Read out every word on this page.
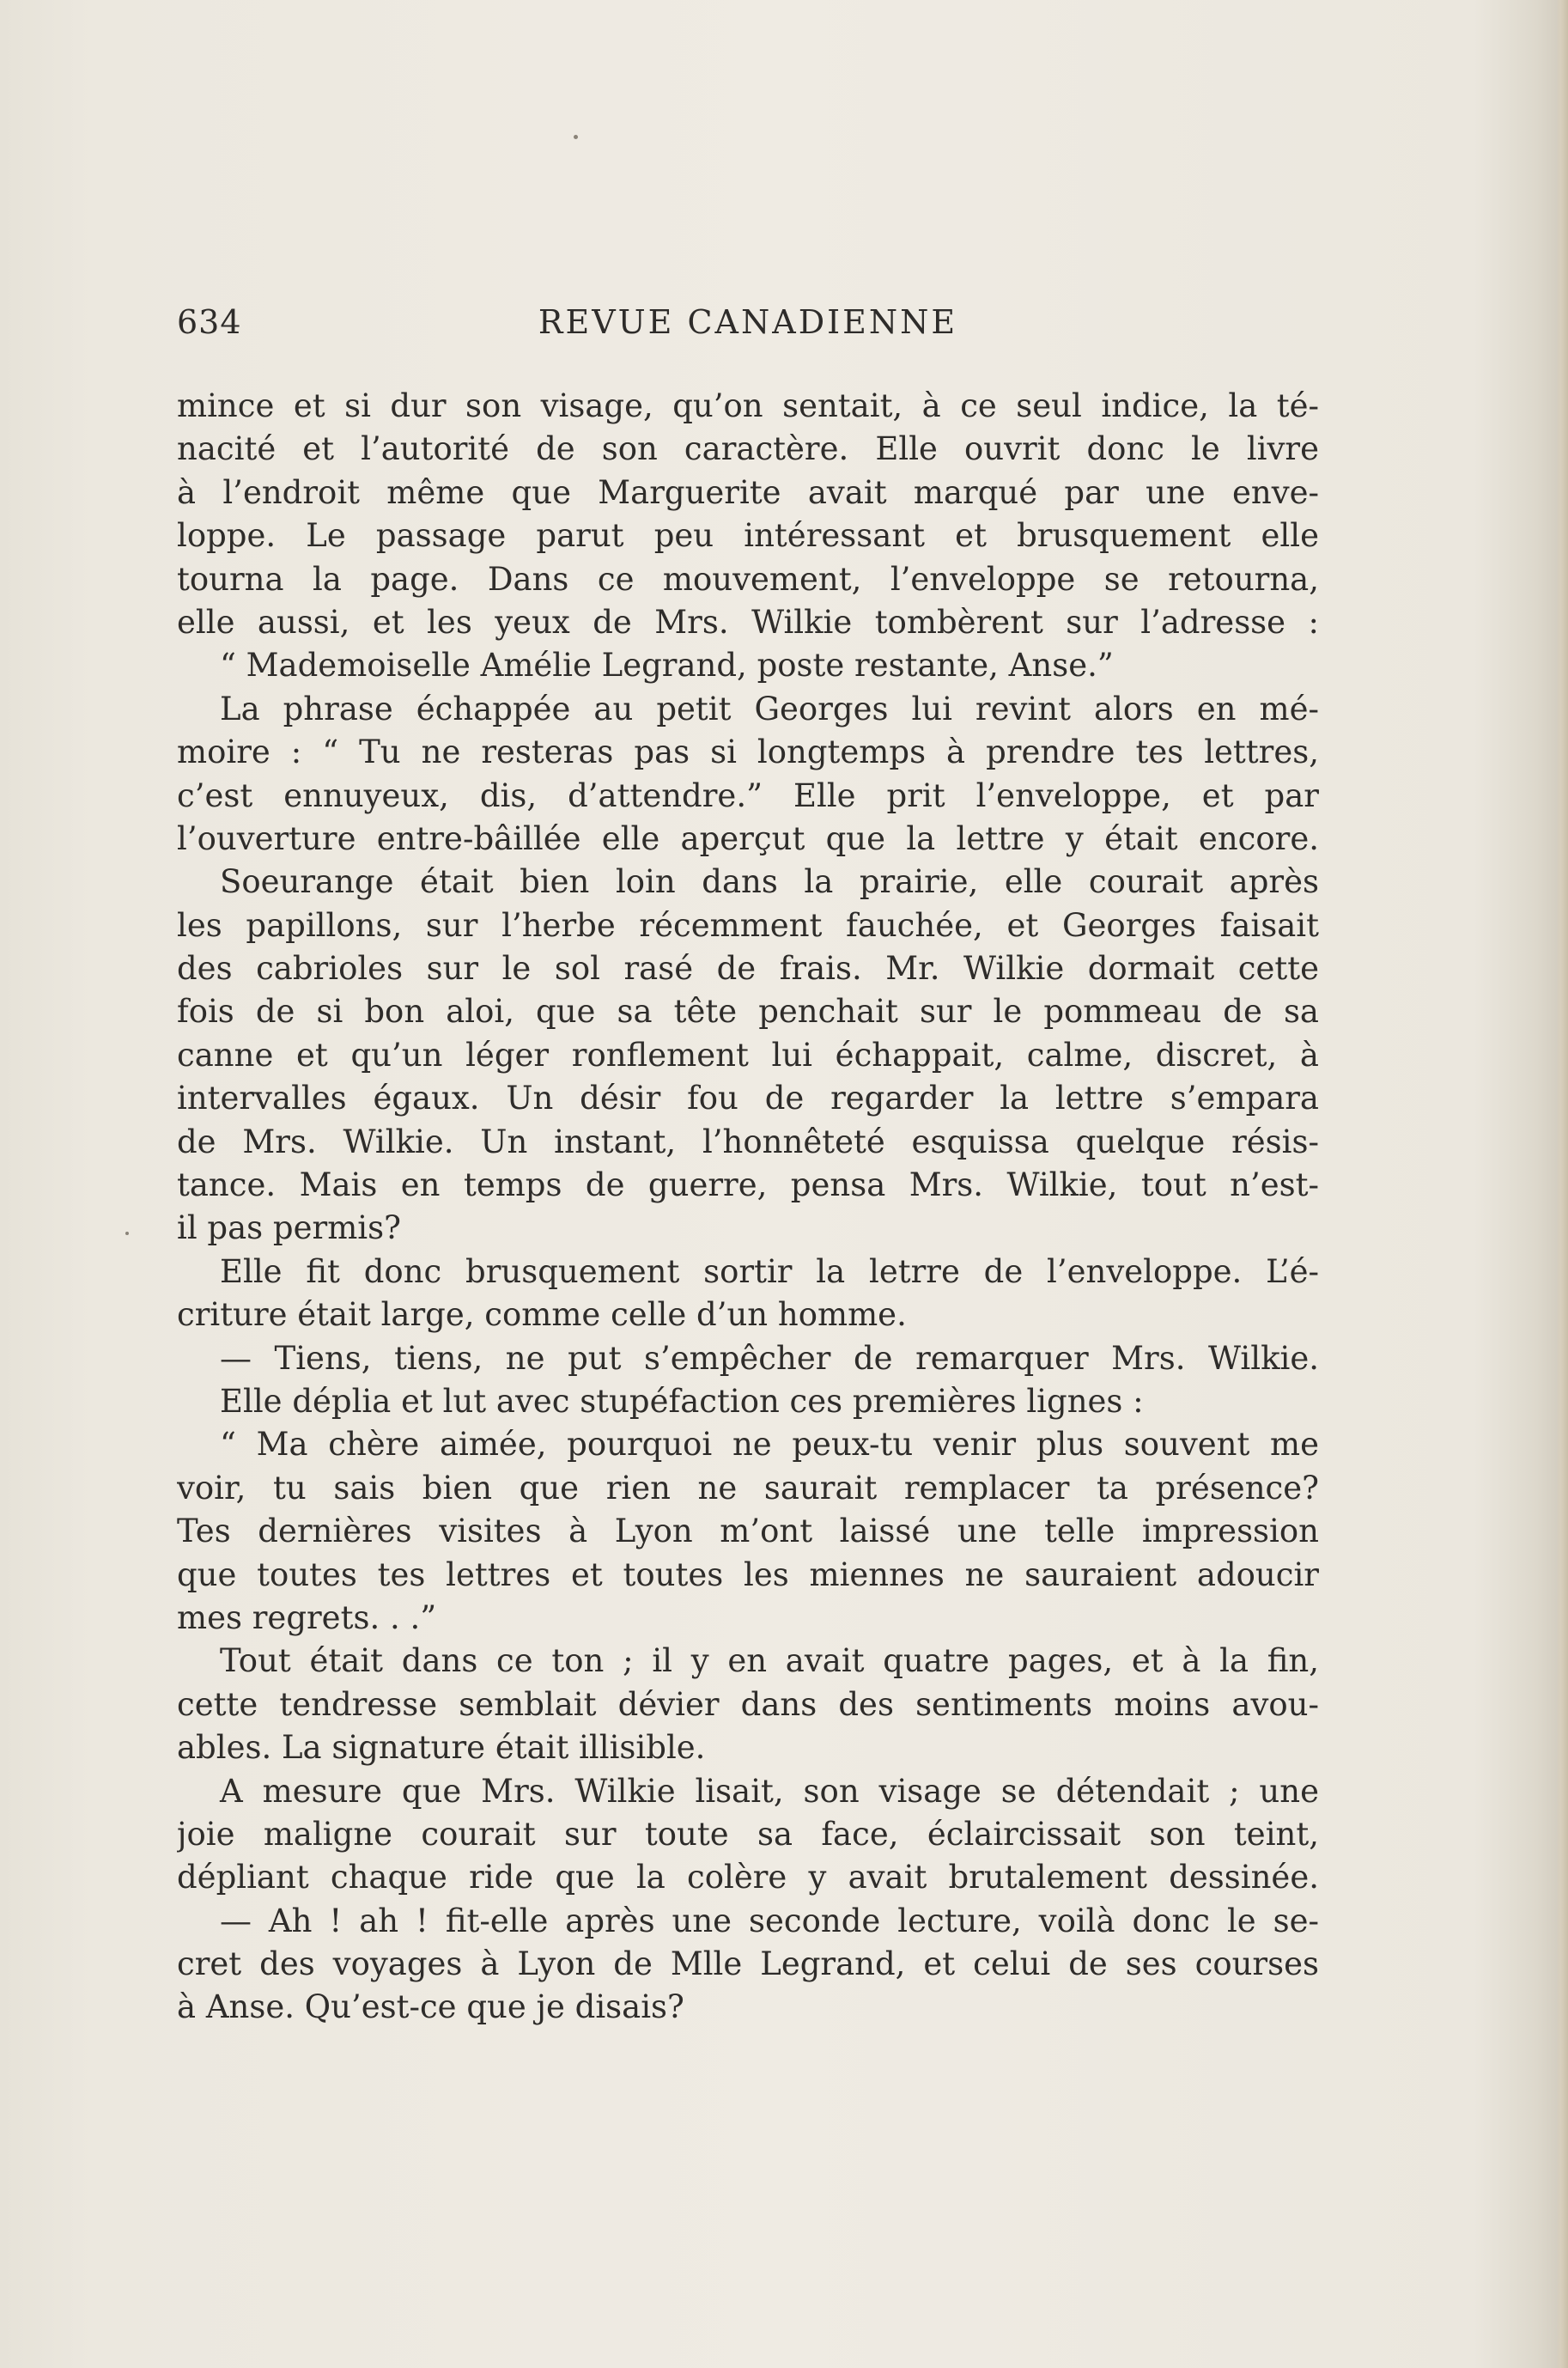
634	REVUE CANADIENNE
mince et si dur son visage, qu’on sentait, à ce seul indice, la té-
nacité et l’autorité de son caractère. Elle ouvrit donc le livre
à l’endroit même que Marguerite avait marqué par une enve-
loppe. Le passage parut peu intéressant et brusquement elle
tourna la page. Dans ce mouvement, l’enveloppe se retourna,
elle aussi, et les yeux de Mrs. Wilkie tombèrent sur l’adresse :
“ Mademoiselle Amélie Legrand, poste restante, Anse.”
La phrase échappée au petit Georges lui revint alors en mé-
moire : “ Tu ne resteras pas si longtemps à prendre tes lettres,
c’est ennuyeux, dis, d’attendre.” Elle prit l’enveloppe, et par
l’ouverture entre-bâillée elle aperçut que la lettre y était encore.
Soeurange était bien loin dans la prairie, elle courait après
les papillons, sur l’herbe récemment fauchée, et Georges faisait
des cabrioles sur le sol rasé de frais. Mr. Wilkie dormait cette
fois de si bon aloi, que sa tête penchait sur le pommeau de sa
canne et qu’un léger ronflement lui échappait, calme, discret, à
intervalles égaux. Un désir fou de regarder la lettre s’empara
de Mrs. Wilkie. Un instant, l’honnêteté esquissa quelque résis-
tance. Mais en temps de guerre, pensa Mrs. Wilkie, tout n’est-
il pas permis?
Elle fit donc brusquement sortir la letrre de l’enveloppe. L’é-
criture était large, comme celle d’un homme.
— Tiens, tiens, ne put s’empêcher de remarquer Mrs. Wilkie.
Elle déplia et lut avec stupéfaction ces premières lignes :
“ Ma chère aimée, pourquoi ne peux-tu venir plus souvent me
voir, tu sais bien que rien ne saurait remplacer ta présence?
Tes dernières visites à Lyon m’ont laissé une telle impression
que toutes tes lettres et toutes les miennes ne sauraient adoucir
mes regrets. . .”
Tout était dans ce ton ; il y en avait quatre pages, et à la fin,
cette tendresse semblait dévier dans des sentiments moins avou-
ables. La signature était illisible.
A mesure que Mrs. Wilkie lisait, son visage se détendait ; une
joie maligne courait sur toute sa face, éclaircissait son teint,
dépliant chaque ride que la colère y avait brutalement dessinée.
— Ah ! ah ! fit-elle après une seconde lecture, voilà donc le se-
cret des voyages à Lyon de Mlle Legrand, et celui de ses courses
à Anse. Qu’est-ce que je disais?
